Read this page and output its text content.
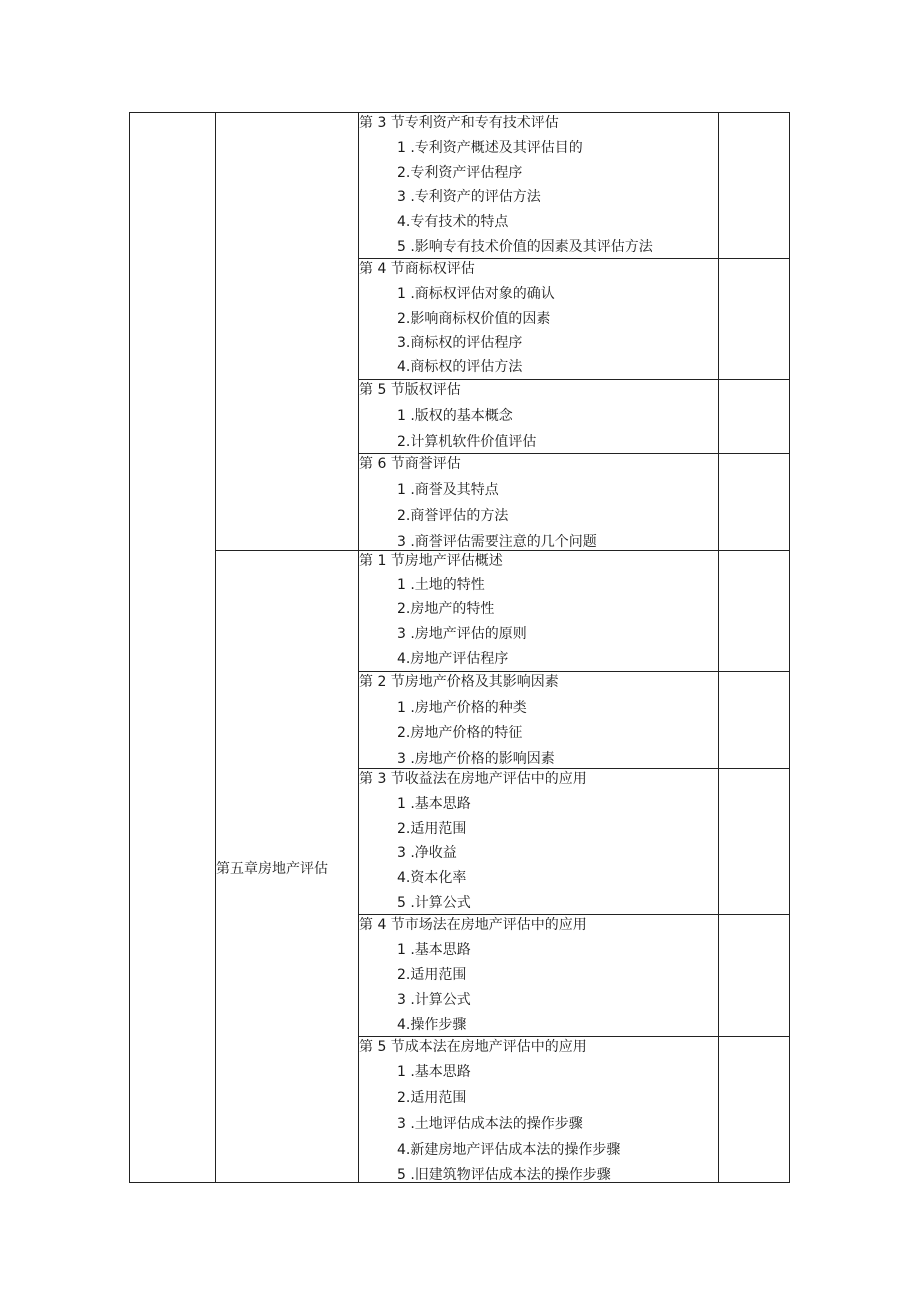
第五章房地产评估
第 3 节专利资产和专有技术评估
1 .专利资产概述及其评估目的
2.专利资产评估程序
3 .专利资产的评估方法
4.专有技术的特点
5 .影响专有技术价值的因素及其评估方法
第 4 节商标权评估
1 .商标权评估对象的确认
2.影响商标权价值的因素
3.商标权的评估程序
4.商标权的评估方法
第 5 节版权评估
1 .版权的基本概念
2.计算机软件价值评估
第 6 节商誉评估
1 .商誉及其特点
2.商誉评估的方法
3 .商誉评估需要注意的几个问题
第 1 节房地产评估概述
1 .土地的特性
2.房地产的特性
3 .房地产评估的原则
4.房地产评估程序
第 2 节房地产价格及其影响因素
1 .房地产价格的种类
2.房地产价格的特征
3 .房地产价格的影响因素
第 3 节收益法在房地产评估中的应用
1 .基本思路
2.适用范围
3 .净收益
4.资本化率
5 .计算公式
第 4 节市场法在房地产评估中的应用
1 .基本思路
2.适用范围
3 .计算公式
4.操作步骤
第 5 节成本法在房地产评估中的应用
1 .基本思路
2.适用范围
3 .土地评估成本法的操作步骤
4.新建房地产评估成本法的操作步骤
5 .旧建筑物评估成本法的操作步骤
